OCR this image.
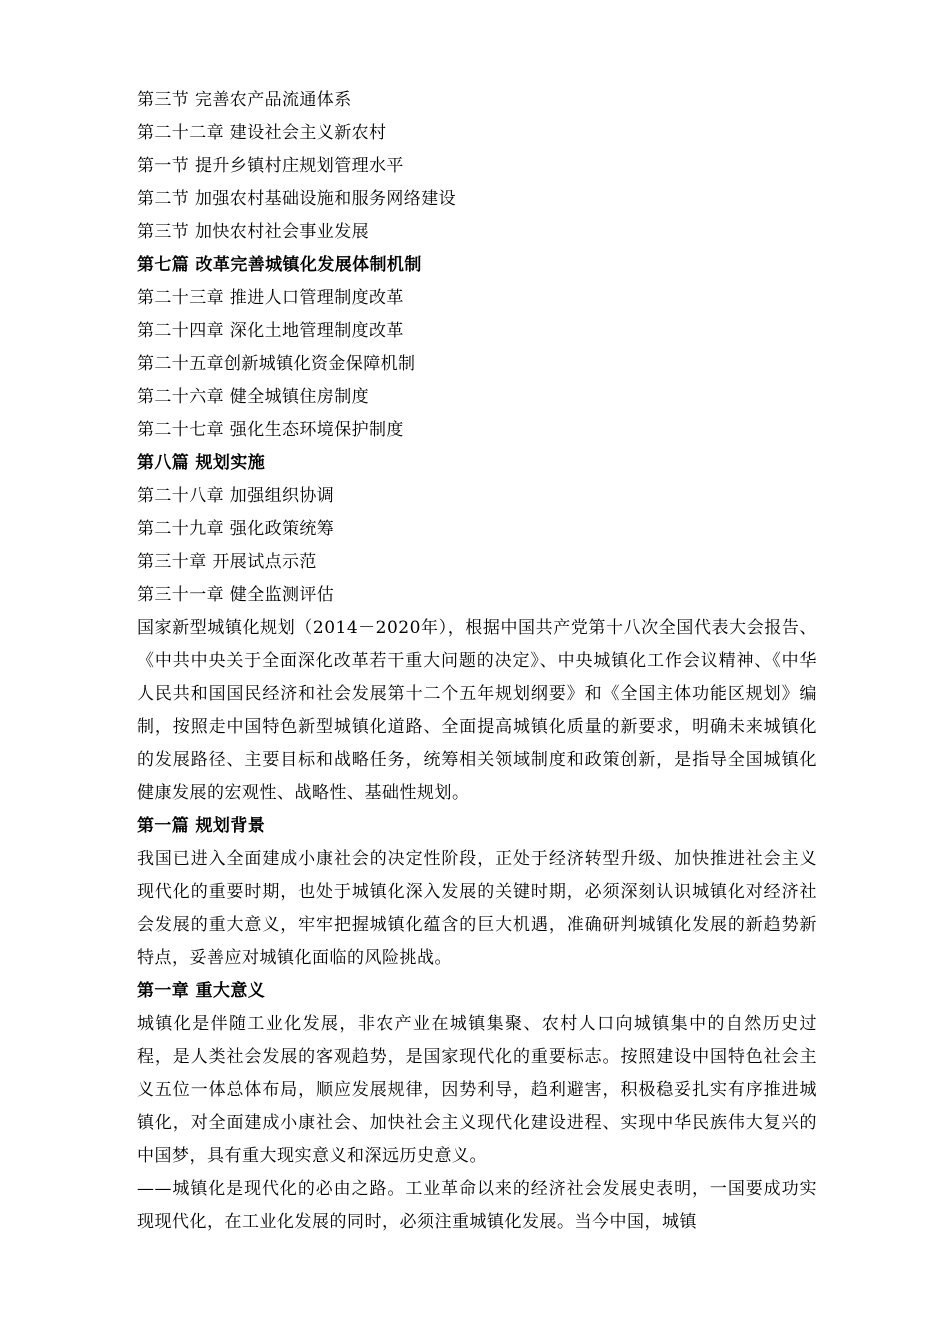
第三节 完善农产品流通体系
第二十二章 建设社会主义新农村
第一节 提升乡镇村庄规划管理水平
第二节 加强农村基础设施和服务网络建设
第三节 加快农村社会事业发展
第七篇 改革完善城镇化发展体制机制
第二十三章 推进人口管理制度改革
第二十四章 深化土地管理制度改革
第二十五章创新城镇化资金保障机制
第二十六章 健全城镇住房制度
第二十七章 强化生态环境保护制度
第八篇 规划实施
第二十八章 加强组织协调
第二十九章 强化政策统筹
第三十章 开展试点示范
第三十一章 健全监测评估
国家新型城镇化规划（2014－2020年），根据中国共产党第十八次全国代表大会报告、《中共中央关于全面深化改革若干重大问题的决定》、中央城镇化工作会议精神、《中华人民共和国国民经济和社会发展第十二个五年规划纲要》和《全国主体功能区规划》编制，按照走中国特色新型城镇化道路、全面提高城镇化质量的新要求，明确未来城镇化的发展路径、主要目标和战略任务，统筹相关领域制度和政策创新，是指导全国城镇化健康发展的宏观性、战略性、基础性规划。
第一篇 规划背景
我国已进入全面建成小康社会的决定性阶段，正处于经济转型升级、加快推进社会主义现代化的重要时期，也处于城镇化深入发展的关键时期，必须深刻认识城镇化对经济社会发展的重大意义，牢牢把握城镇化蕴含的巨大机遇，准确研判城镇化发展的新趋势新特点，妥善应对城镇化面临的风险挑战。
第一章 重大意义
城镇化是伴随工业化发展，非农产业在城镇集聚、农村人口向城镇集中的自然历史过程，是人类社会发展的客观趋势，是国家现代化的重要标志。按照建设中国特色社会主义五位一体总体布局，顺应发展规律，因势利导，趋利避害，积极稳妥扎实有序推进城镇化，对全面建成小康社会、加快社会主义现代化建设进程、实现中华民族伟大复兴的中国梦，具有重大现实意义和深远历史意义。
——城镇化是现代化的必由之路。工业革命以来的经济社会发展史表明，一国要成功实现现代化，在工业化发展的同时，必须注重城镇化发展。当今中国，城镇
